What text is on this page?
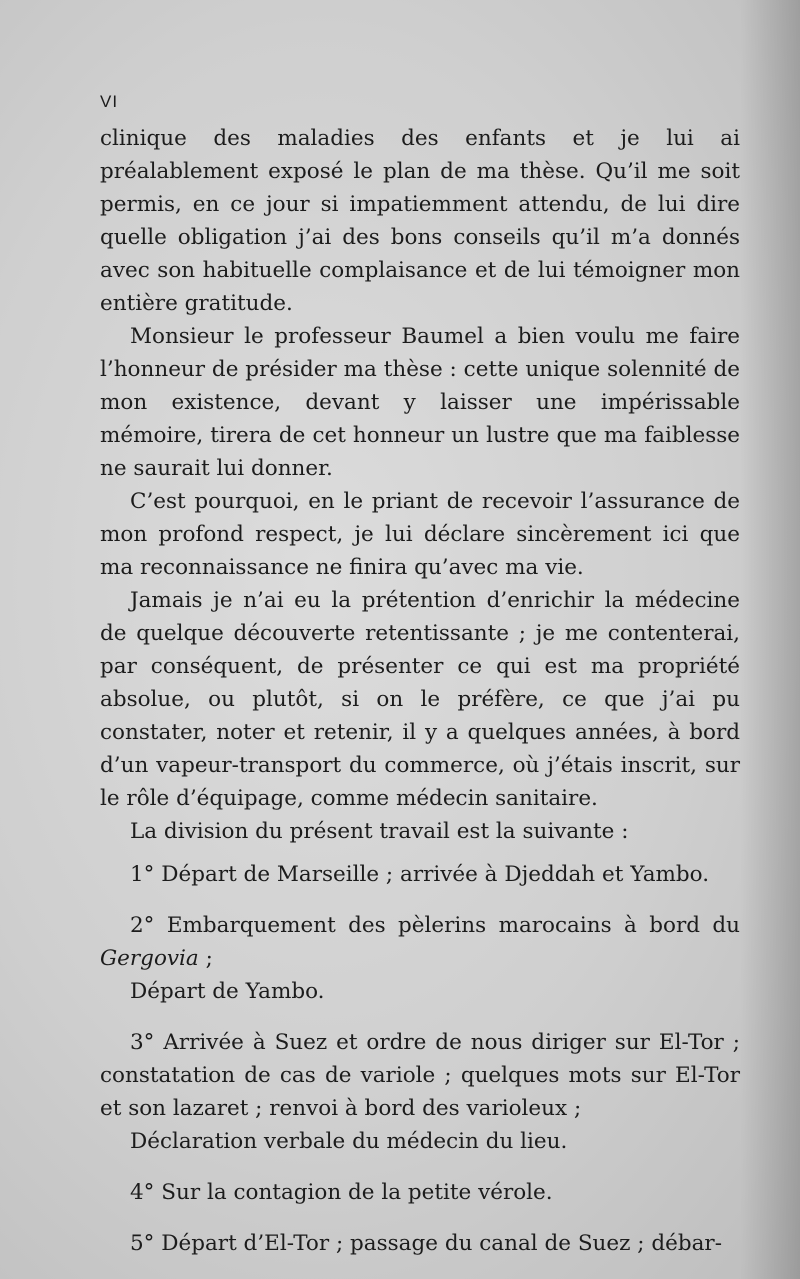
VI

clinique des maladies des enfants et je lui ai préalablement exposé le plan de ma thèse. Qu’il me soit permis, en ce jour si impatiemment attendu, de lui dire quelle obligation j’ai des bons conseils qu’il m’a donnés avec son habituelle complaisance et de lui témoigner mon entière gratitude.

Monsieur le professeur Baumel a bien voulu me faire l’honneur de présider ma thèse : cette unique solennité de mon existence, devant y laisser une impérissable mémoire, tirera de cet honneur un lustre que ma faiblesse ne saurait lui donner.

C’est pourquoi, en le priant de recevoir l’assurance de mon profond respect, je lui déclare sincèrement ici que ma reconnaissance ne finira qu’avec ma vie.

Jamais je n’ai eu la prétention d’enrichir la médecine de quelque découverte retentissante ; je me contenterai, par conséquent, de présenter ce qui est ma propriété absolue, ou plutôt, si on le préfère, ce que j’ai pu constater, noter et retenir, il y a quelques années, à bord d’un vapeur-transport du commerce, où j’étais inscrit, sur le rôle d’équipage, comme médecin sanitaire.

La division du présent travail est la suivante :

1° Départ de Marseille ; arrivée à Djeddah et Yambo.

2° Embarquement des pèlerins marocains à bord du Gergovia ;

Départ de Yambo.

3° Arrivée à Suez et ordre de nous diriger sur El-Tor ; constatation de cas de variole ; quelques mots sur El-Tor et son lazaret ; renvoi à bord des varioleux ;

Déclaration verbale du médecin du lieu.

4° Sur la contagion de la petite vérole.

5° Départ d’El-Tor ; passage du canal de Suez ; débar-
